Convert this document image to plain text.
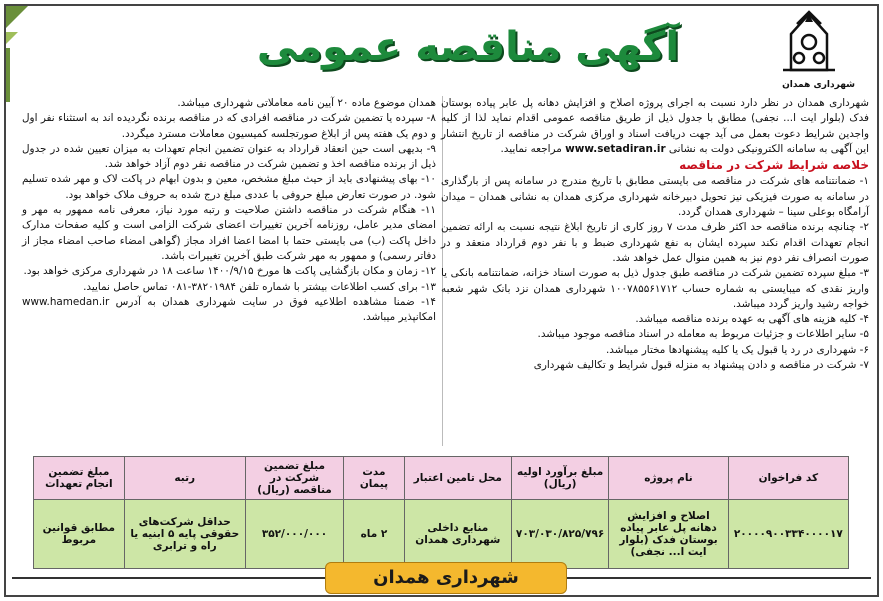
شهرداری همدان
آگهی مناقصه عمومی

شهرداری همدان در نظر دارد نسبت به اجرای پروژه اصلاح و افزایش دهانه پل عابر پیاده بوستان فدک (بلوار ایت ا... نجفی) مطابق با جدول ذیل از طریق مناقصه عمومی اقدام نماید لذا از کلیه واجدین شرایط دعوت بعمل می آید جهت دریافت اسناد و اوراق شرکت در مناقصه از تاریخ انتشار این آگهی به سامانه الکترونیکی دولت به نشانی www.setadiran.ir مراجعه نمایید.

خلاصه شرایط شرکت در مناقصه

۱- ضمانتنامه های شرکت در مناقصه می بایستی مطابق با تاریخ مندرج در سامانه پس از بارگذاری در سامانه به صورت فیزیکی نیز تحویل دبیرخانه شهرداری مرکزی همدان به نشانی همدان – میدان آرامگاه بوعلی سینا – شهرداری همدان گردد.

۲- چنانچه برنده مناقصه حد اکثر ظرف مدت ۷ روز کاری از تاریخ ابلاغ نتیجه نسبت به ارائه تضمین انجام تعهدات اقدام نکند سپرده ایشان به نفع شهرداری ضبط و با نفر دوم قرارداد منعقد و در صورت انصراف نفر دوم نیز به همین منوال عمل خواهد شد.

۳- مبلغ سپرده تضمین شرکت در مناقصه طبق جدول ذیل به صورت اسناد خزانه، ضمانتنامه بانکی یا واریز نقدی که میبایستی به شماره حساب ۱۰۰۷۸۵۵۶۱۷۱۲ شهرداری همدان نزد بانک شهر شعبه خواجه رشید واریز گردد میباشد.

۴- کلیه هزینه های آگهی به عهده برنده مناقصه میباشد.

۵- سایر اطلاعات و جزئیات مربوط به معامله در اسناد مناقصه موجود میباشد.

۶- شهرداری در رد یا قبول یک یا کلیه پیشنهادها مختار میباشد.

۷- شرکت در مناقصه و دادن پیشنهاد به منزله قبول شرایط و تکالیف شهرداری

همدان موضوع ماده ۲۰ آیین نامه معاملاتی شهرداری میباشد.

۸- سپرده یا تضمین شرکت در مناقصه افرادی که در مناقصه برنده نگردیده اند به استثناء نفر اول و دوم یک هفته پس از ابلاغ صورتجلسه کمیسیون معاملات مسترد میگردد.

۹- بدیهی است حین انعقاد قرارداد به عنوان تضمین انجام تعهدات به میزان تعیین شده در جدول ذیل از برنده مناقصه اخذ و تضمین شرکت در مناقصه نفر دوم آزاد خواهد شد.

۱۰- بهای پیشنهادی باید از حیث مبلغ مشخص، معین و بدون ابهام در پاکت لاک و مهر شده تسلیم شود. در صورت تعارض مبلغ حروفی با عددی مبلغ درج شده به حروف ملاک خواهد بود.

۱۱- هنگام شرکت در مناقصه داشتن صلاحیت و رتبه مورد نیاز، معرفی نامه ممهور به مهر و امضای مدیر عامل، روزنامه آخرین تغییرات اعضای شرکت الزامی است و کلیه صفحات مدارک داخل پاکت (ب) می بایستی حتما با امضا اعضا افراد مجاز (گواهی امضاء صاحب امضاء مجاز از دفاتر رسمی) و ممهور به مهر شرکت طبق آخرین تغییرات باشد.

۱۲- زمان و مکان بازگشایی پاکت ها مورخ ۱۴۰۰/۹/۱۵ ساعت ۱۸ در شهرداری مرکزی خواهد بود.

۱۳- برای کسب اطلاعات بیشتر با شماره تلفن ۳۸۲۰۱۹۸۴-۰۸۱ تماس حاصل نمایید.

۱۴- ضمنا مشاهده اطلاعیه فوق در سایت شهرداری همدان به آدرس www.hamedan.ir امکانپذیر میباشد.

کد فراخوان	نام پروژه	مبلغ برآورد اولیه (ریال)	محل تامین اعتبار	مدت پیمان	مبلغ تضمین شرکت در مناقصه (ریال)	رتبه	مبلغ تضمین انجام تعهدات
۲۰۰۰۰۹۰۰۳۳۴۰۰۰۰۱۷	اصلاح و افزایش دهانه پل عابر پیاده بوستان فدک (بلوار ایت ا... نجفی)	۷۰۳/۰۳۰/۸۲۵/۷۹۶	منابع داخلی شهرداری همدان	۲ ماه	۳۵۲/۰۰۰/۰۰۰	حداقل شرکت‌های حقوقی پایه ۵ ابنیه یا راه و ترابری	مطابق قوانین مربوط
شهرداری همدان
